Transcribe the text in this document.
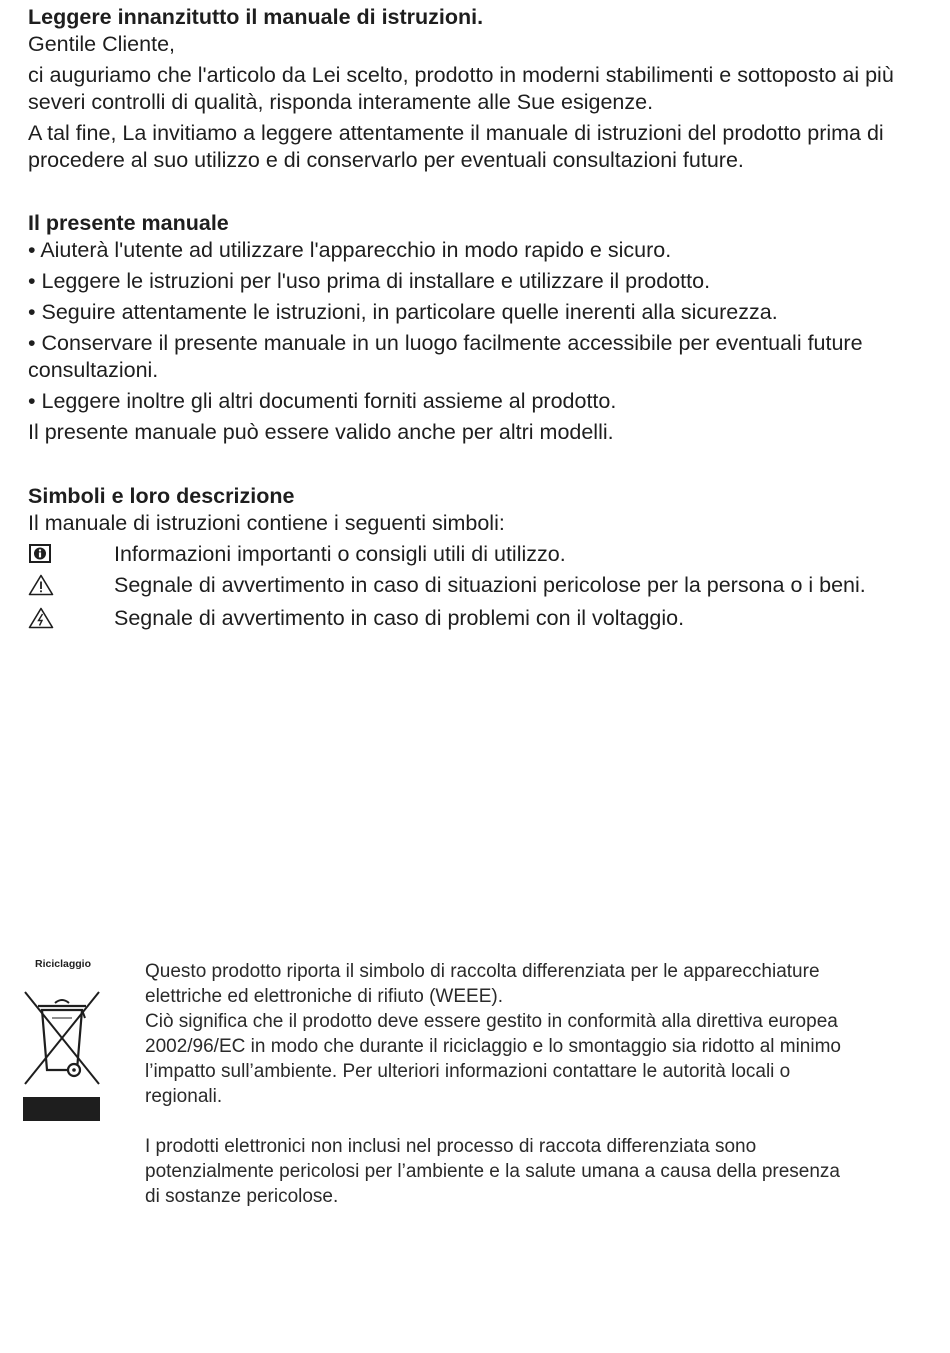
Leggere innanzitutto il manuale di istruzioni.

Gentile Cliente,

ci auguriamo che l'articolo da Lei scelto, prodotto in moderni stabilimenti e sottoposto ai più severi controlli di qualità, risponda interamente alle Sue esigenze.

A tal fine, La invitiamo a leggere attentamente il manuale di istruzioni del prodotto prima di procedere al suo utilizzo e di conservarlo per eventuali consultazioni future.

Il presente manuale

• Aiuterà l'utente ad utilizzare l'apparecchio in modo rapido e sicuro.

• Leggere le istruzioni per l'uso prima di installare e utilizzare il prodotto.

• Seguire attentamente le istruzioni, in particolare quelle inerenti alla sicurezza.

• Conservare il presente manuale in un luogo facilmente accessibile per eventuali future consultazioni.

• Leggere inoltre gli altri documenti forniti assieme al prodotto.

Il presente manuale può essere valido anche per altri modelli.

Simboli e loro descrizione

Il manuale di istruzioni contiene i seguenti simboli:

Informazioni importanti o consigli utili di utilizzo.
Segnale di avvertimento in caso di situazioni pericolose per la persona o i beni.
Segnale di avvertimento in caso di problemi con il voltaggio.
Riciclaggio	Questo prodotto riporta il simbolo di raccolta differenziata per le apparecchiature elettriche ed elettroniche di rifiuto (WEEE).

Ciò significa che il prodotto deve essere gestito in conformità alla direttiva europea 2002/96/EC in modo che durante il riciclaggio e lo smontaggio sia ridotto al minimo l’impatto sull’ambiente. Per ulteriori informazioni contattare le autorità locali o regionali.

I prodotti elettronici non inclusi nel processo di raccota differenziata sono potenzialmente pericolosi per l’ambiente e la salute umana a causa della presenza di sostanze pericolose.
